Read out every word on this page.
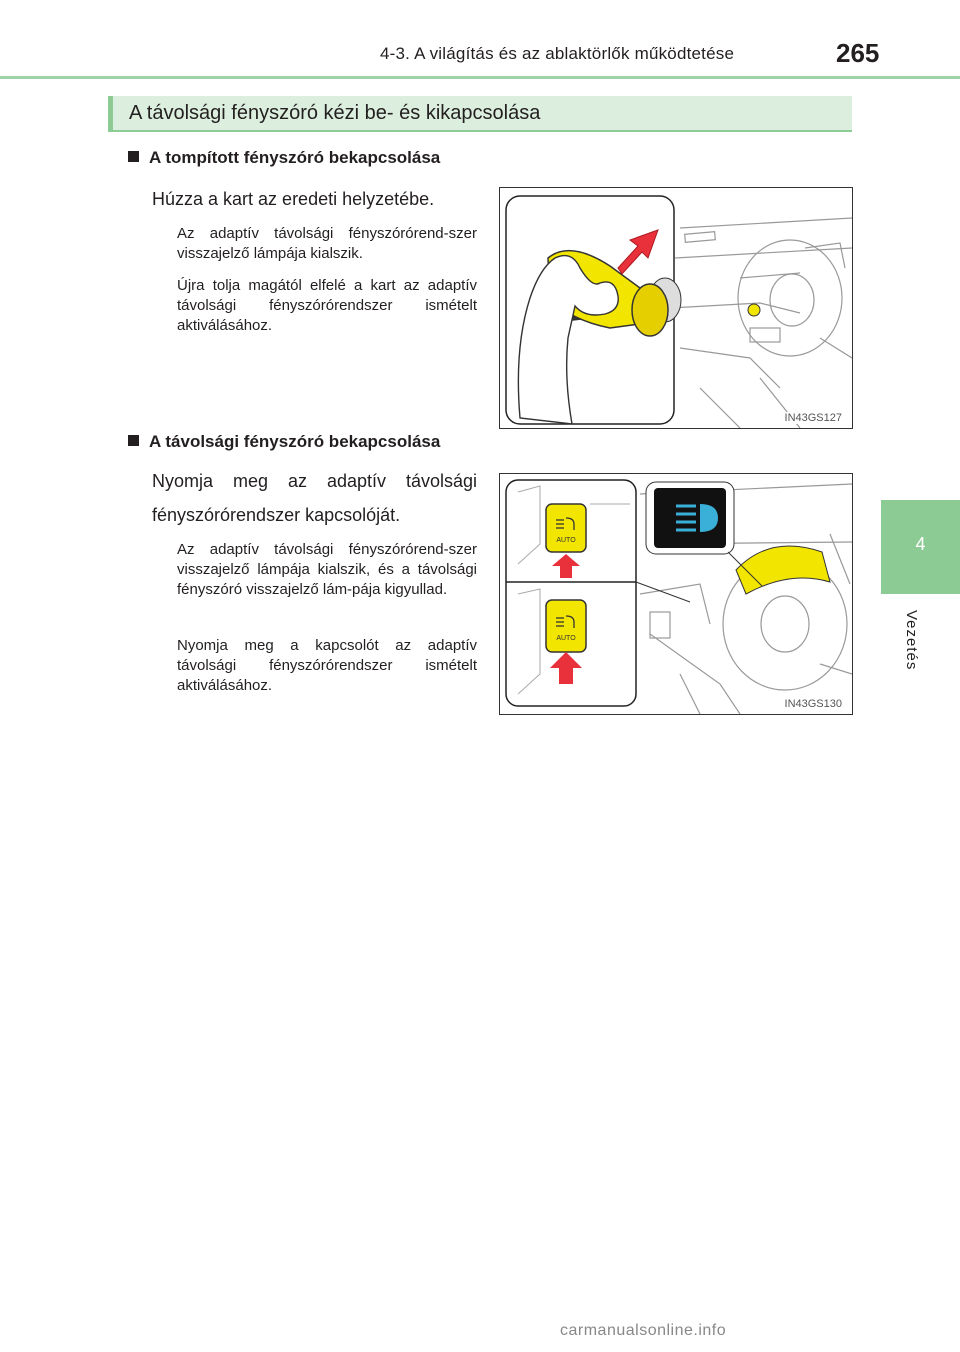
4-3. A világítás és az ablaktörlők működtetése	265
4
Vezetés
A távolsági fényszóró kézi be- és kikapcsolása
A tompított fényszóró bekapcsolása
Húzza a kart az eredeti helyzetébe.
Az adaptív távolsági fényszórórend-szer visszajelző lámpája kialszik.
Újra tolja magától elfelé a kart az adaptív távolsági fényszórórendszer ismételt aktiválásához.
IN43GS127
A távolsági fényszóró bekapcsolása
Nyomja meg az adaptív távolsági
fényszórórendszer kapcsolóját.
Az adaptív távolsági fényszórórend-szer visszajelző lámpája kialszik, és a távolsági fényszóró visszajelző lám-pája kigyullad.
Nyomja meg a kapcsolót az adaptív távolsági fényszórórendszer ismételt aktiválásához.
AUTO
AUTO
IN43GS130
carmanualsonline.info
